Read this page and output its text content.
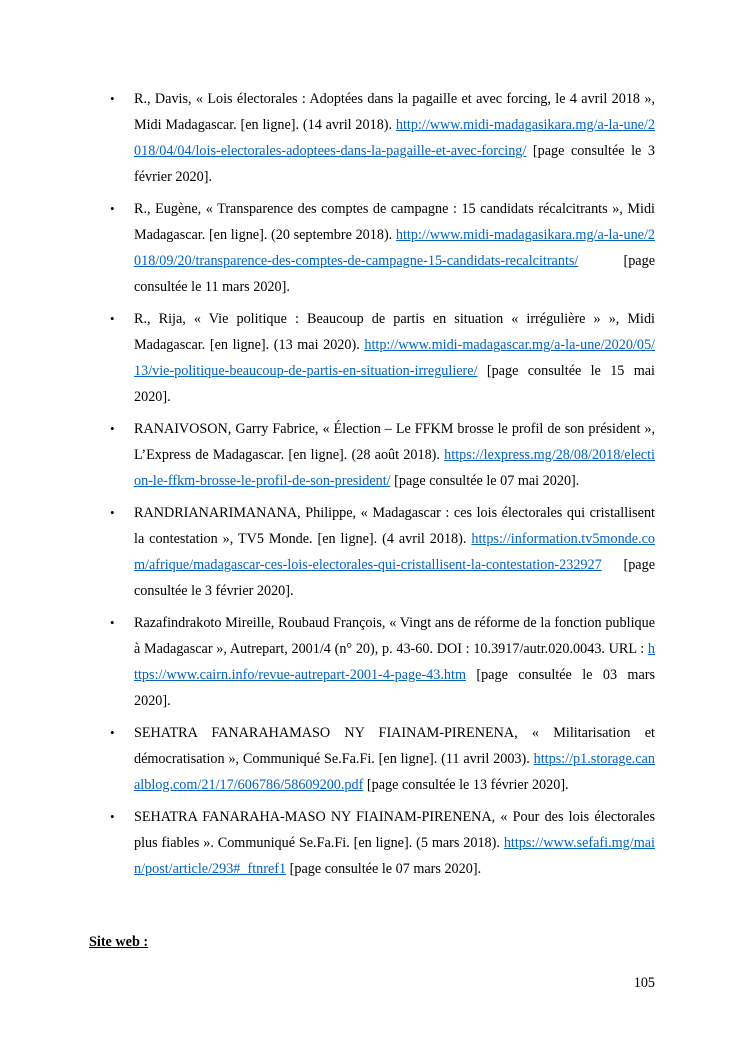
• R., Davis, « Lois électorales : Adoptées dans la pagaille et avec forcing, le 4 avril 2018 », Midi Madagascar. [en ligne]. (14 avril 2018). http://www.midi-madagasikara.mg/a-la-une/2018/04/04/lois-electorales-adoptees-dans-la-pagaille-et-avec-forcing/ [page consultée le 3 février 2020].
• R., Eugène, « Transparence des comptes de campagne : 15 candidats récalcitrants », Midi Madagascar. [en ligne]. (20 septembre 2018). http://www.midi-madagasikara.mg/a-la-une/2018/09/20/transparence-des-comptes-de-campagne-15-candidats-recalcitrants/ [page consultée le 11 mars 2020].
• R., Rija, « Vie politique : Beaucoup de partis en situation « irrégulière » », Midi Madagascar. [en ligne]. (13 mai 2020). http://www.midi-madagascar.mg/a-la-une/2020/05/13/vie-politique-beaucoup-de-partis-en-situation-irreguliere/ [page consultée le 15 mai 2020].
• RANAIVOSON, Garry Fabrice, « Élection – Le FFKM brosse le profil de son président », L’Express de Madagascar. [en ligne]. (28 août 2018). https://lexpress.mg/28/08/2018/election-le-ffkm-brosse-le-profil-de-son-president/ [page consultée le 07 mai 2020].
• RANDRIANARIMANANA, Philippe, « Madagascar : ces lois électorales qui cristallisent la contestation », TV5 Monde. [en ligne]. (4 avril 2018). https://information.tv5monde.com/afrique/madagascar-ces-lois-electorales-qui-cristallisent-la-contestation-232927 [page consultée le 3 février 2020].
• Razafindrakoto Mireille, Roubaud François, « Vingt ans de réforme de la fonction publique à Madagascar », Autrepart, 2001/4 (n° 20), p. 43-60. DOI : 10.3917/autr.020.0043. URL : https://www.cairn.info/revue-autrepart-2001-4-page-43.htm [page consultée le 03 mars 2020].
• SEHATRA FANARAHAMASO NY FIAINAM-PIRENENA, « Militarisation et démocratisation », Communiqué Se.Fa.Fi. [en ligne]. (11 avril 2003). https://p1.storage.canalblog.com/21/17/606786/58609200.pdf [page consultée le 13 février 2020].
• SEHATRA FANARAHA-MASO NY FIAINAM-PIRENENA, « Pour des lois électorales plus fiables ». Communiqué Se.Fa.Fi. [en ligne]. (5 mars 2018). https://www.sefafi.mg/main/post/article/293#_ftnref1 [page consultée le 07 mars 2020].
Site web :
105
